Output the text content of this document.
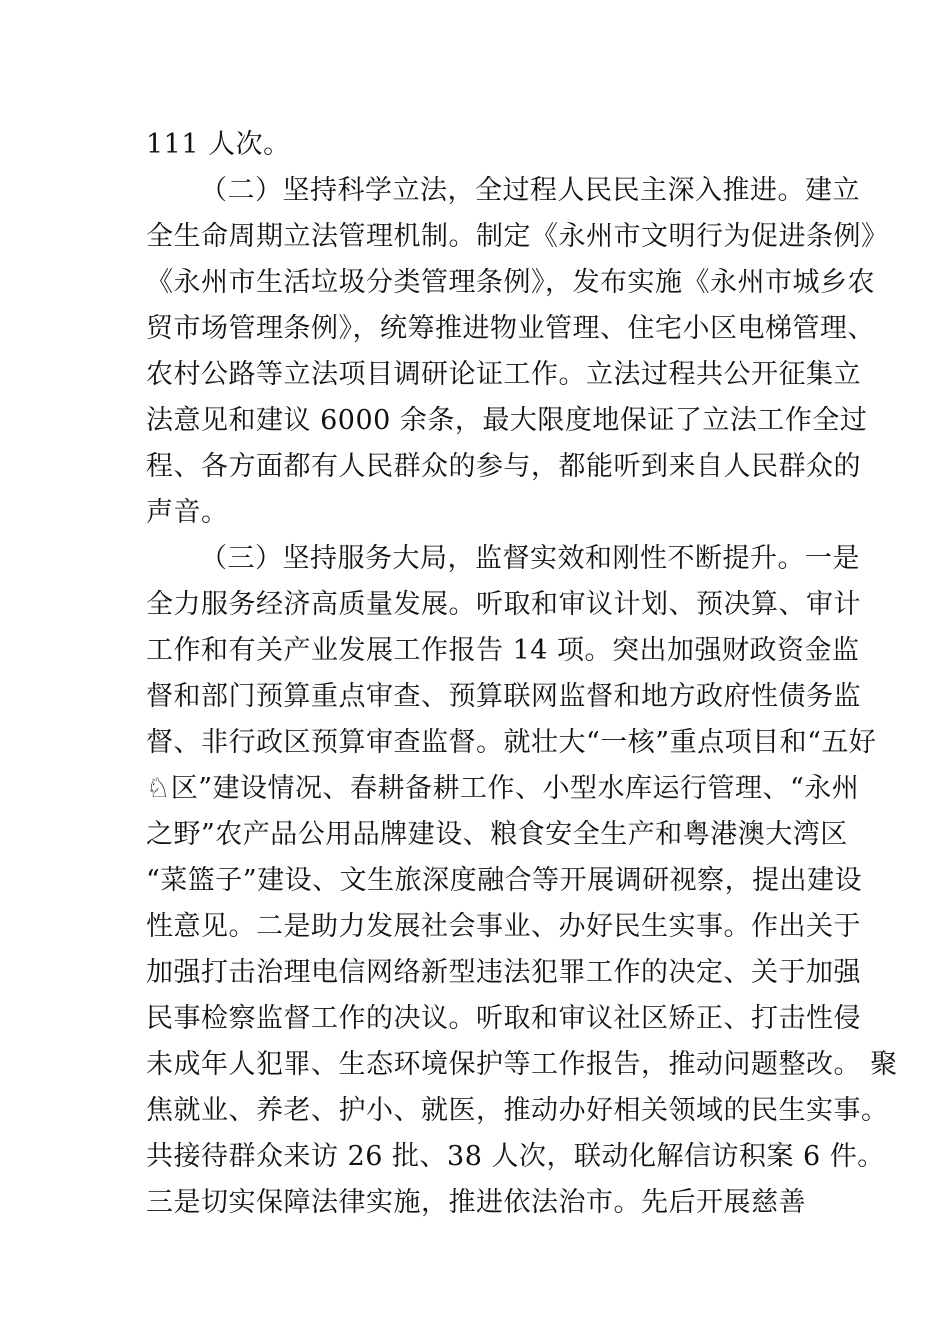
111 人次。
（二）坚持科学立法，全过程人民民主深入推进。建立
全生命周期立法管理机制。制定《永州市文明行为促进条例》
《永州市生活垃圾分类管理条例》，发布实施《永州市城乡农
贸市场管理条例》，统筹推进物业管理、住宅小区电梯管理、
农村公路等立法项目调研论证工作。立法过程共公开征集立
法意见和建议 6000 余条，最大限度地保证了立法工作全过
程、各方面都有人民群众的参与，都能听到来自人民群众的
声音。
（三）坚持服务大局，监督实效和刚性不断提升。一是
全力服务经济高质量发展。听取和审议计划、预决算、审计
工作和有关产业发展工作报告 14 项。突出加强财政资金监
督和部门预算重点审查、预算联网监督和地方政府性债务监
督、非行政区预算审查监督。就壮大“一核”重点项目和“五好
♘区”建设情况、春耕备耕工作、小型水库运行管理、“永州
之野”农产品公用品牌建设、粮食安全生产和粤港澳大湾区
“菜篮子”建设、文生旅深度融合等开展调研视察，提出建设
性意见。二是助力发展社会事业、办好民生实事。作出关于
加强打击治理电信网络新型违法犯罪工作的决定、关于加强
民事检察监督工作的决议。听取和审议社区矫正、打击性侵
未成年人犯罪、生态环境保护等工作报告，推动问题整改。 聚
焦就业、养老、护小、就医，推动办好相关领域的民生实事。
共接待群众来访 26 批、38 人次，联动化解信访积案 6 件。
三是切实保障法律实施，推进依法治市。先后开展慈善
